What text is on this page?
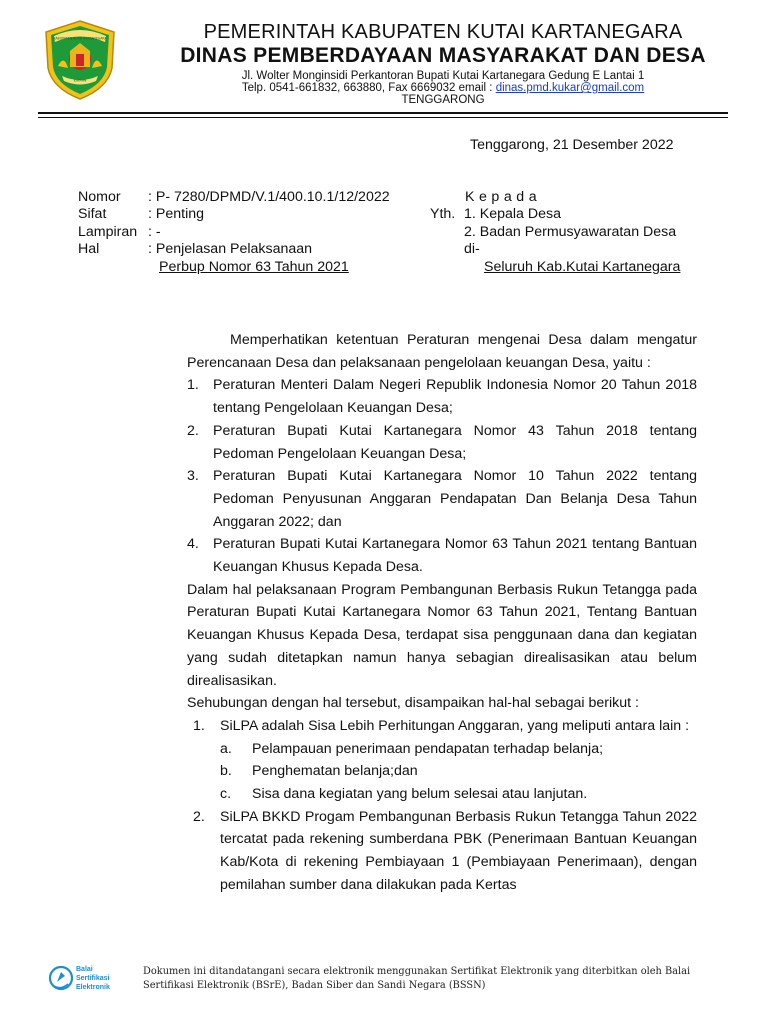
KABUPATEN KUTAI KARTANEGARA
IDAMAN
PEMERINTAH KABUPATEN KUTAI KARTANEGARA
DINAS PEMBERDAYAAN MASYARAKAT DAN DESA
Jl. Wolter Monginsidi Perkantoran Bupati Kutai Kartanegara Gedung E Lantai 1
Telp. 0541-661832, 663880, Fax 6669032 email : dinas.pmd.kukar@gmail.com
TENGGARONG
Tenggarong, 21 Desember 2022
Nomor : P- 7280/DPMD/V.1/400.10.1/12/2022
Sifat	: Penting
Lampiran : -
Hal	: Penjelasan Pelaksanaan
Perbup Nomor 63 Tahun 2021
K e p a d a
Yth. 1. Kepala Desa
2. Badan Permusyawaratan Desa
di-
Seluruh Kab.Kutai Kartanegara
Memperhatikan ketentuan Peraturan mengenai Desa dalam mengatur Perencanaan Desa dan pelaksanaan pengelolaan keuangan Desa, yaitu :
1. Peraturan Menteri Dalam Negeri Republik Indonesia Nomor 20 Tahun 2018 tentang Pengelolaan Keuangan Desa;
2. Peraturan Bupati Kutai Kartanegara Nomor 43 Tahun 2018 tentang Pedoman Pengelolaan Keuangan Desa;
3. Peraturan Bupati Kutai Kartanegara Nomor 10 Tahun 2022 tentang Pedoman Penyusunan Anggaran Pendapatan Dan Belanja Desa Tahun Anggaran 2022; dan
4. Peraturan Bupati Kutai Kartanegara Nomor 63 Tahun 2021 tentang Bantuan Keuangan Khusus Kepada Desa.
Dalam hal pelaksanaan Program Pembangunan Berbasis Rukun Tetangga pada Peraturan Bupati Kutai Kartanegara Nomor 63 Tahun 2021, Tentang Bantuan Keuangan Khusus Kepada Desa, terdapat sisa penggunaan dana dan kegiatan yang sudah ditetapkan namun hanya sebagian direalisasikan atau belum direalisasikan.
Sehubungan dengan hal tersebut, disampaikan hal-hal sebagai berikut :
1. SiLPA adalah Sisa Lebih Perhitungan Anggaran, yang meliputi antara lain :
a. Pelampauan penerimaan pendapatan terhadap belanja;
b. Penghematan belanja;dan
c. Sisa dana kegiatan yang belum selesai atau lanjutan.
2. SiLPA BKKD Progam Pembangunan Berbasis Rukun Tetangga Tahun 2022 tercatat pada rekening sumberdana PBK (Penerimaan Bantuan Keuangan Kab/Kota di rekening Pembiayaan 1 (Pembiayaan Penerimaan), dengan pemilahan sumber dana dilakukan pada Kertas
Balai
Sertifikasi
Elektronik
Dokumen ini ditandatangani secara elektronik menggunakan Sertifikat Elektronik yang diterbitkan oleh Balai Sertifikasi Elektronik (BSrE), Badan Siber dan Sandi Negara (BSSN)
